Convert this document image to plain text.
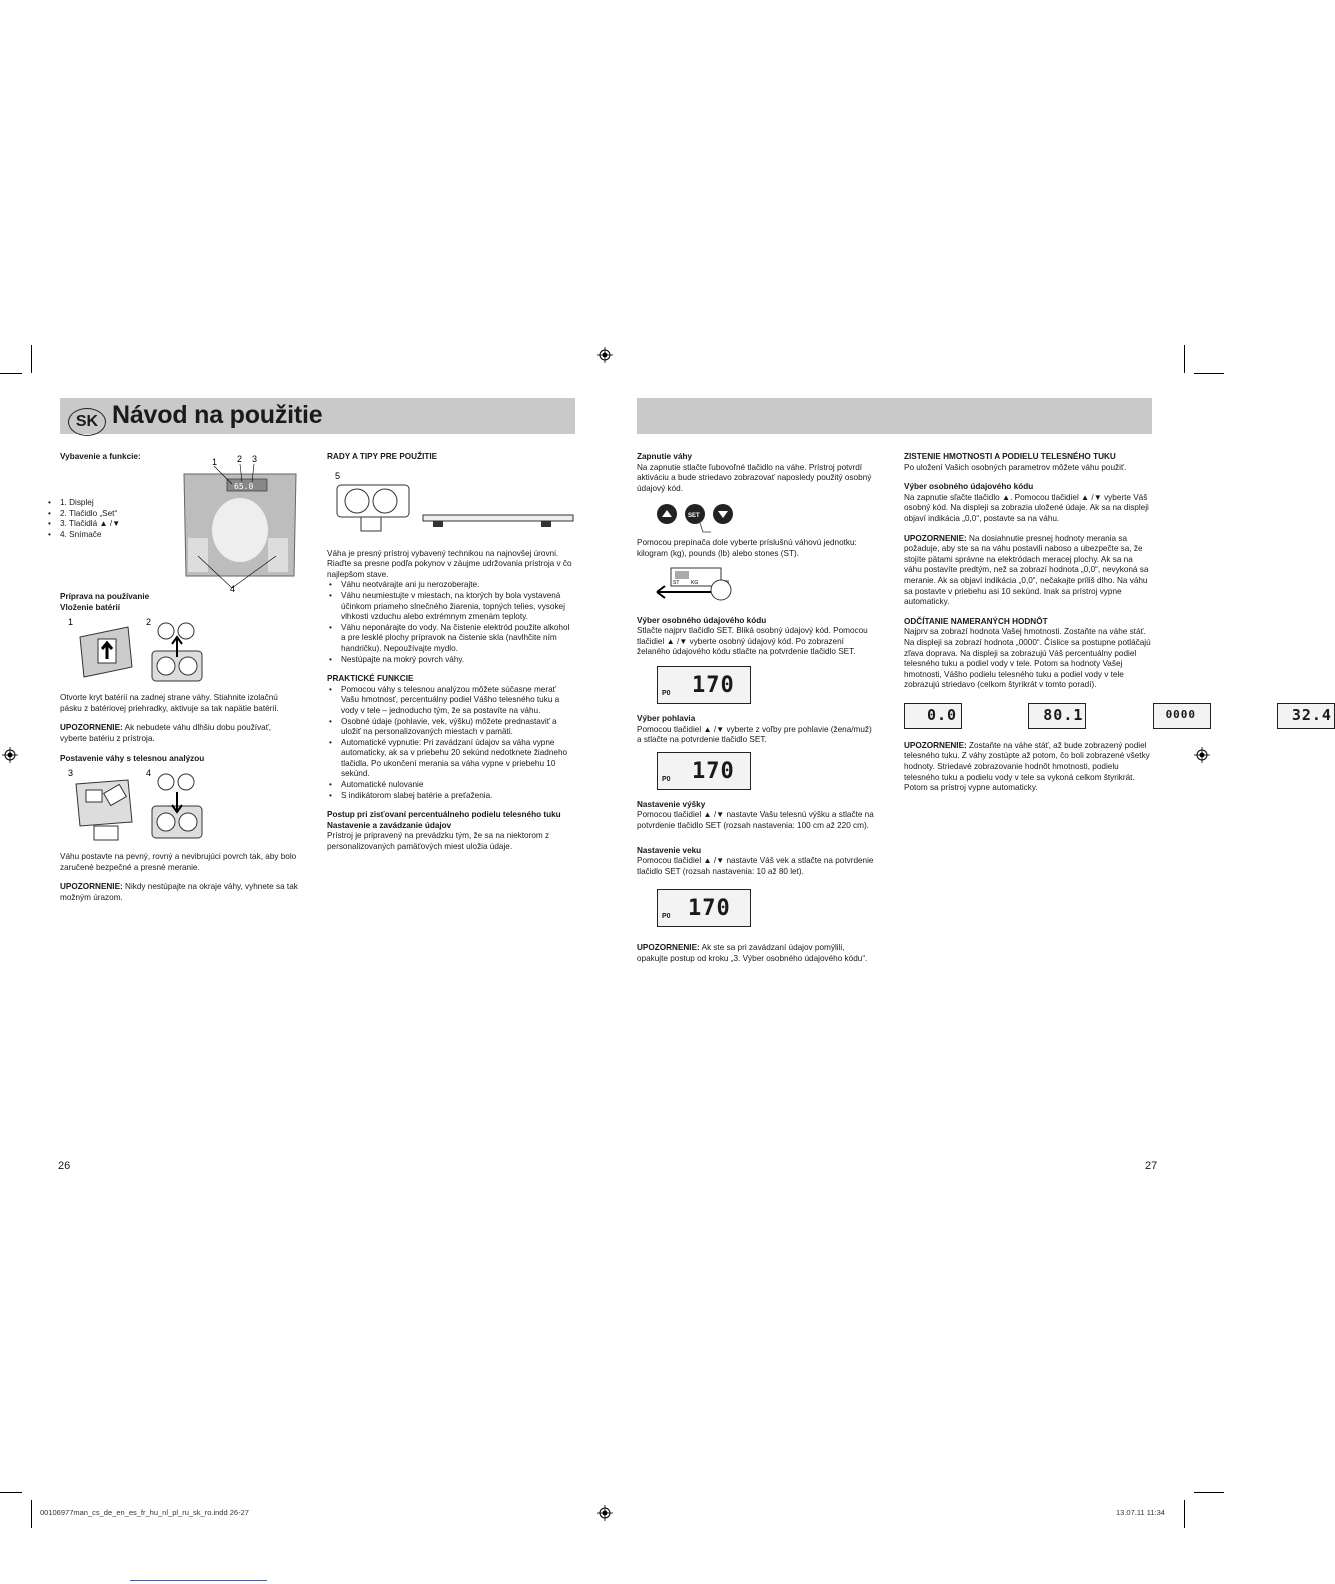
SK Návod na použitie
Vybavenie a funkcie:
• 1. Displej
• 2. Tlačidlo „Set“
• 3. Tlačidlá ▲ /▼
• 4. Snímače
1 2 3
4
65.0
Príprava na používanie
Vloženie batérií
1	2

Otvorte kryt batérií na zadnej strane váhy. Stiahnite izolačnú pásku z batériovej priehradky, aktivuje sa tak napätie batérií.

UPOZORNENIE: Ak nebudete váhu dlhšiu dobu používať, vyberte batériu z prístroja.

Postavenie váhy s telesnou analýzou
3	4

Váhu postavte na pevný, rovný a nevibrujúci povrch tak, aby bolo zaručené bezpečné a presné meranie.

UPOZORNENIE: Nikdy nestúpajte na okraje váhy, vyhnete sa tak možným úrazom.

RADY A TIPY PRE POUŽITIE
5

Váha je presný prístroj vybavený technikou na najnovšej úrovni. Riaďte sa presne podľa pokynov v záujme udržovania prístroja v čo najlepšom stave.

• Váhu neotvárajte ani ju nerozoberajte.
• Váhu neumiestujte v miestach, na ktorých by bola vystavená účinkom priameho slnečného žiarenia, topných telies, vysokej vlhkosti vzduchu alebo extrémnym zmenám teploty.
• Váhu neponárajte do vody. Na čistenie elektród použite alkohol a pre lesklé plochy prípravok na čistenie skla (navlhčite ním handričku). Nepoužívajte mydlo.
• Nestúpajte na mokrý povrch váhy.
PRAKTICKÉ FUNKCIE
• Pomocou váhy s telesnou analýzou môžete súčasne merať Vašu hmotnosť, percentuálny podiel Vášho telesného tuku a vody v tele – jednoducho tým, že sa postavíte na váhu.
• Osobné údaje (pohlavie, vek, výšku) môžete prednastaviť a uložiť na personalizovaných miestach v pamäti.
• Automatické vypnutie: Pri zavádzaní údajov sa váha vypne automaticky, ak sa v priebehu 20 sekúnd nedotknete žiadneho tlačidla. Po ukončení merania sa váha vypne v priebehu 10 sekúnd.
• Automatické nulovanie
• S indikátorom slabej batérie a preťaženia.
Postup pri zisťovaní percentuálneho podielu telesného tuku
Nastavenie a zavádzanie údajov

Prístroj je pripravený na prevádzku tým, že sa na niektorom z personalizovaných pamäťových miest uložia údaje.

Zapnutie váhy

Na zapnutie stlačte ľubovoľné tlačidlo na váhe. Prístroj potvrdí aktiváciu a bude striedavo zobrazovať naposledy použitý osobný údajový kód.

SET

Pomocou prepínača dole vyberte príslušnú váhovú jednotku: kilogram (kg), pounds (lb) alebo stones (ST).

ST KG
Výber osobného údajového kódu

Stlačte najprv tlačidlo SET. Bliká osobný údajový kód. Pomocou tlačidiel ▲ /▼ vyberte osobný údajový kód. Po zobrazení želaného údajového kódu stlačte na potvrdenie tlačidlo SET.

170
P0
Výber pohlavia

Pomocou tlačidiel ▲ /▼ vyberte z voľby pre pohlavie (žena/muž) a stlačte na potvrdenie tlačidlo SET.

170
P0
Nastavenie výšky

Pomocou tlačidiel ▲ /▼ nastavte Vašu telesnú výšku a stlačte na potvrdenie tlačidlo SET (rozsah nastavenia: 100 cm až 220 cm).

Nastavenie veku

Pomocou tlačidiel ▲ /▼ nastavte Váš vek a stlačte na potvrdenie tlačidlo SET (rozsah nastavenia: 10 až 80 let).

170
P0

UPOZORNENIE: Ak ste sa pri zavádzaní údajov pomýlili, opakujte postup od kroku „3. Výber osobného údajového kódu“.

ZISTENIE HMOTNOSTI A PODIELU TELESNÉHO TUKU

Po uložení Vašich osobných parametrov môžete váhu použiť.

Výber osobného údajového kódu

Na zapnutie sľačte tlačidlo ▲. Pomocou tlačidiel ▲ /▼ vyberte Váš osobný kód. Na displeji sa zobrazia uložené údaje. Ak sa na displeji objaví indikácia „0,0“, postavte sa na váhu.

UPOZORNENIE: Na dosiahnutie presnej hodnoty merania sa požaduje, aby ste sa na váhu postavili naboso a ubezpečte sa, že stojíte pätami správne na elektródach meracej plochy. Ak sa na váhu postavíte predtým, než sa zobrazí hodnota „0,0“, nevykoná sa meranie. Ak sa objaví indikácia „0,0“, nečakajte príliš dlho. Na váhu sa postavte v priebehu asi 10 sekúnd. Inak sa prístroj vypne automaticky.

ODČÍTANIE NAMERANÝCH HODNÔT

Najprv sa zobrazí hodnota Vašej hmotnosti. Zostaňte na váhe stáť. Na displeji sa zobrazí hodnota „0000“. Číslice sa postupne potláčajú zľava doprava. Na displeji sa zobrazujú Váš percentuálny podiel telesného tuku a podiel vody v tele. Potom sa hodnoty Vašej hmotnosti, Vášho podielu telesného tuku a podiel vody v tele zobrazujú striedavo (celkom štyrikrát v tomto poradí).

0.0
	80.1
	0000
	32.4

UPOZORNENIE: Zostaňte na váhe stáť, až bude zobrazený podiel telesného tuku. Z váhy zostúpte až potom, čo boli zobrazené všetky hodnoty. Striedavé zobrazovanie hodnôt hmotnosti, podielu telesného tuku a podielu vody v tele sa vykoná celkom štyrikrát. Potom sa prístroj vypne automaticky.

26	27
00106977man_cs_de_en_es_fr_hu_nl_pl_ru_sk_ro.indd 26-27	13.07.11 11:34
